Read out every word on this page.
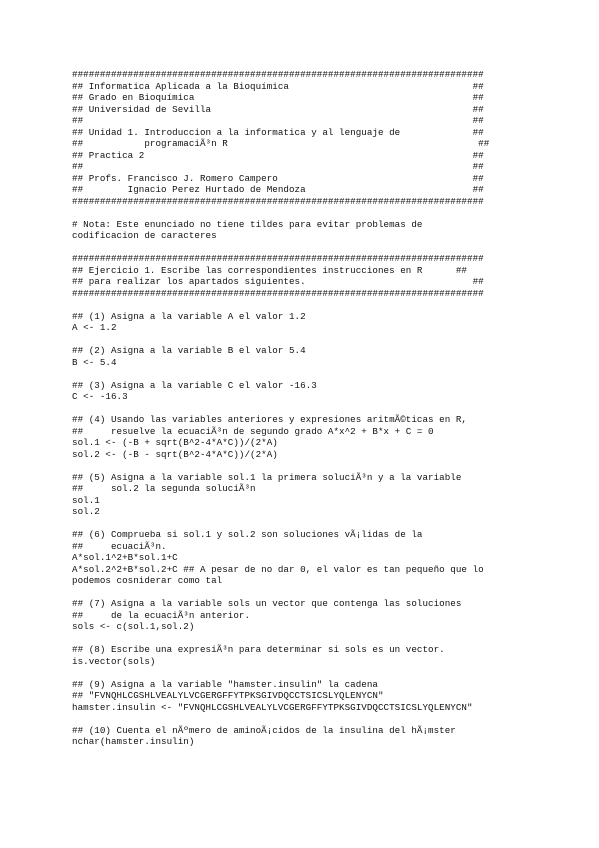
##########################################################################
## Informatica Aplicada a la Bioquímica                                 ##
## Grado en Bioquímica                                                  ##
## Universidad de Sevilla                                               ##
##                                                                      ##
## Unidad 1. Introduccion a la informatica y al lenguaje de             ##
##           programaciÃ³n R                                             ##
## Practica 2                                                           ##
##                                                                      ##
## Profs. Francisco J. Romero Campero                                   ##
##        Ignacio Perez Hurtado de Mendoza                              ##
##########################################################################
# Nota: Este enunciado no tiene tildes para evitar problemas de
codificacion de caracteres
##########################################################################
## Ejercicio 1. Escribe las correspondientes instrucciones en R      ##
## para realizar los apartados siguientes.                              ##
##########################################################################
## (1) Asigna a la variable A el valor 1.2
A <- 1.2
## (2) Asigna a la variable B el valor 5.4
B <- 5.4
## (3) Asigna a la variable C el valor -16.3
C <- -16.3
## (4) Usando las variables anteriores y expresiones aritmÃ©ticas en R,
##     resuelve la ecuaciÃ³n de segundo grado A*x^2 + B*x + C = 0
sol.1 <- (-B + sqrt(B^2-4*A*C))/(2*A)
sol.2 <- (-B - sqrt(B^2-4*A*C))/(2*A)
## (5) Asigna a la variable sol.1 la primera soluciÃ³n y a la variable
##     sol.2 la segunda soluciÃ³n
sol.1
sol.2
## (6) Comprueba si sol.1 y sol.2 son soluciones vÃ¡lidas de la
##     ecuaciÃ³n.
A*sol.1^2+B*sol.1+C
A*sol.2^2+B*sol.2+C ## A pesar de no dar 0, el valor es tan pequeño que lo
podemos cosniderar como tal
## (7) Asigna a la variable sols un vector que contenga las soluciones
##     de la ecuaciÃ³n anterior.
sols <- c(sol.1,sol.2)
## (8) Escribe una expresiÃ³n para determinar si sols es un vector.
is.vector(sols)
## (9) Asigna a la variable "hamster.insulin" la cadena
## "FVNQHLCGSHLVEALYLVCGERGFFYTPKSGIVDQCCTSICSLYQLENYCN"
hamster.insulin <- "FVNQHLCGSHLVEALYLVCGERGFFYTPKSGIVDQCCTSICSLYQLENYCN"
## (10) Cuenta el nÃºmero de aminoÃ¡cidos de la insulina del hÃ¡mster
nchar(hamster.insulin)
